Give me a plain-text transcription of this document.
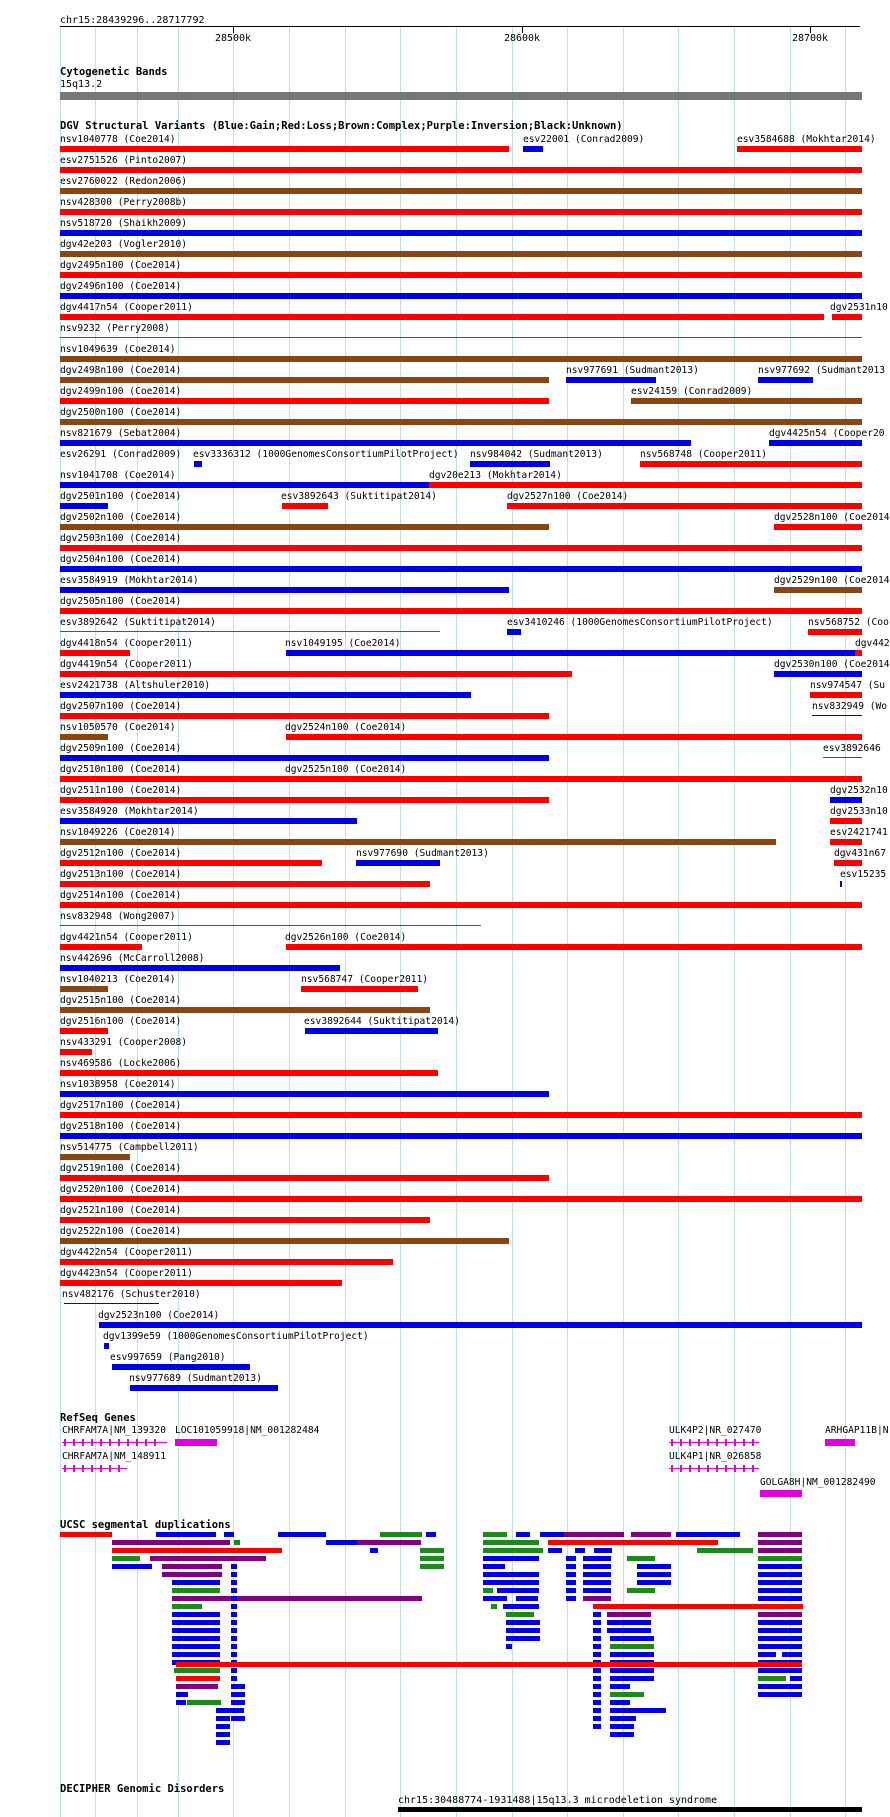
chr15:28439296..28717792
28500k	28600k	28700k
Cytogenetic Bands
15q13.2
DGV Structural Variants (Blue:Gain;Red:Loss;Brown:Complex;Purple:Inversion;Black:Unknown)
nsv1040778 (Coe2014)	esv22001 (Conrad2009)	esv3584688 (Mokhtar2014)
esv2751526 (Pinto2007)
esv2760022 (Redon2006)
nsv428300 (Perry2008b)
nsv518720 (Shaikh2009)
dgv42e203 (Vogler2010)
dgv2495n100 (Coe2014)
dgv2496n100 (Coe2014)
dgv4417n54 (Cooper2011)	dgv2531n10
nsv9232 (Perry2008)
nsv1049639 (Coe2014)
dgv2498n100 (Coe2014)	nsv977691 (Sudmant2013)	nsv977692 (Sudmant2013
dgv2499n100 (Coe2014)	esv24159 (Conrad2009)
dgv2500n100 (Coe2014)
nsv821679 (Sebat2004)	dgv4425n54 (Cooper20
esv26291 (Conrad2009) esv3336312 (1000GenomesConsortiumPilotProject) nsv984042 (Sudmant2013)	nsv568748 (Cooper2011)
nsv1041708 (Coe2014)	dgv20e213 (Mokhtar2014)
dgv2501n100 (Coe2014)	esv3892643 (Suktitipat2014)	dgv2527n100 (Coe2014)
dgv2502n100 (Coe2014)	dgv2528n100 (Coe2014
dgv2503n100 (Coe2014)
dgv2504n100 (Coe2014)
esv3584919 (Mokhtar2014)	dgv2529n100 (Coe2014
dgv2505n100 (Coe2014)
esv3892642 (Suktitipat2014)	esv3410246 (1000GenomesConsortiumPilotProject)	nsv568752 (Coo
dgv4418n54 (Cooper2011)	nsv1049195 (Coe2014)	dgv442
dgv4419n54 (Cooper2011)	dgv2530n100 (Coe2014
esv2421738 (Altshuler2010)	nsv974547 (Su
dgv2507n100 (Coe2014)	nsv832949 (Wo
nsv1050570 (Coe2014)	dgv2524n100 (Coe2014)
dgv2509n100 (Coe2014)	esv3892646
dgv2510n100 (Coe2014)	dgv2525n100 (Coe2014)
dgv2511n100 (Coe2014)	dgv2532n10
esv3584920 (Mokhtar2014)	dgv2533n10
nsv1049226 (Coe2014)	esv2421741
dgv2512n100 (Coe2014)	nsv977690 (Sudmant2013)	dgv431n67
dgv2513n100 (Coe2014)	esv15235
dgv2514n100 (Coe2014)
nsv832948 (Wong2007)
dgv4421n54 (Cooper2011)	dgv2526n100 (Coe2014)
nsv442696 (McCarroll2008)
nsv1040213 (Coe2014)	nsv568747 (Cooper2011)
dgv2515n100 (Coe2014)
dgv2516n100 (Coe2014)	esv3892644 (Suktitipat2014)
nsv433291 (Cooper2008)
nsv469586 (Locke2006)
nsv1038958 (Coe2014)
dgv2517n100 (Coe2014)
dgv2518n100 (Coe2014)
nsv514775 (Campbell2011)
dgv2519n100 (Coe2014)
dgv2520n100 (Coe2014)
dgv2521n100 (Coe2014)
dgv2522n100 (Coe2014)
dgv4422n54 (Cooper2011)
dgv4423n54 (Cooper2011)
nsv482176 (Schuster2010)
dgv2523n100 (Coe2014)
dgv1399e59 (1000GenomesConsortiumPilotProject)
esv997659 (Pang2010)
nsv977689 (Sudmant2013)
RefSeq Genes
CHRFAM7A|NM_139320 LOC101059918|NM_001282484	ULK4P2|NR_027470	ARHGAP11B|N
CHRFAM7A|NM_148911	ULK4P1|NR_026858
GOLGA8H|NM_001282490
UCSC segmental duplications
DECIPHER Genomic Disorders
chr15:30488774-1931488|15q13.3 microdeletion syndrome
